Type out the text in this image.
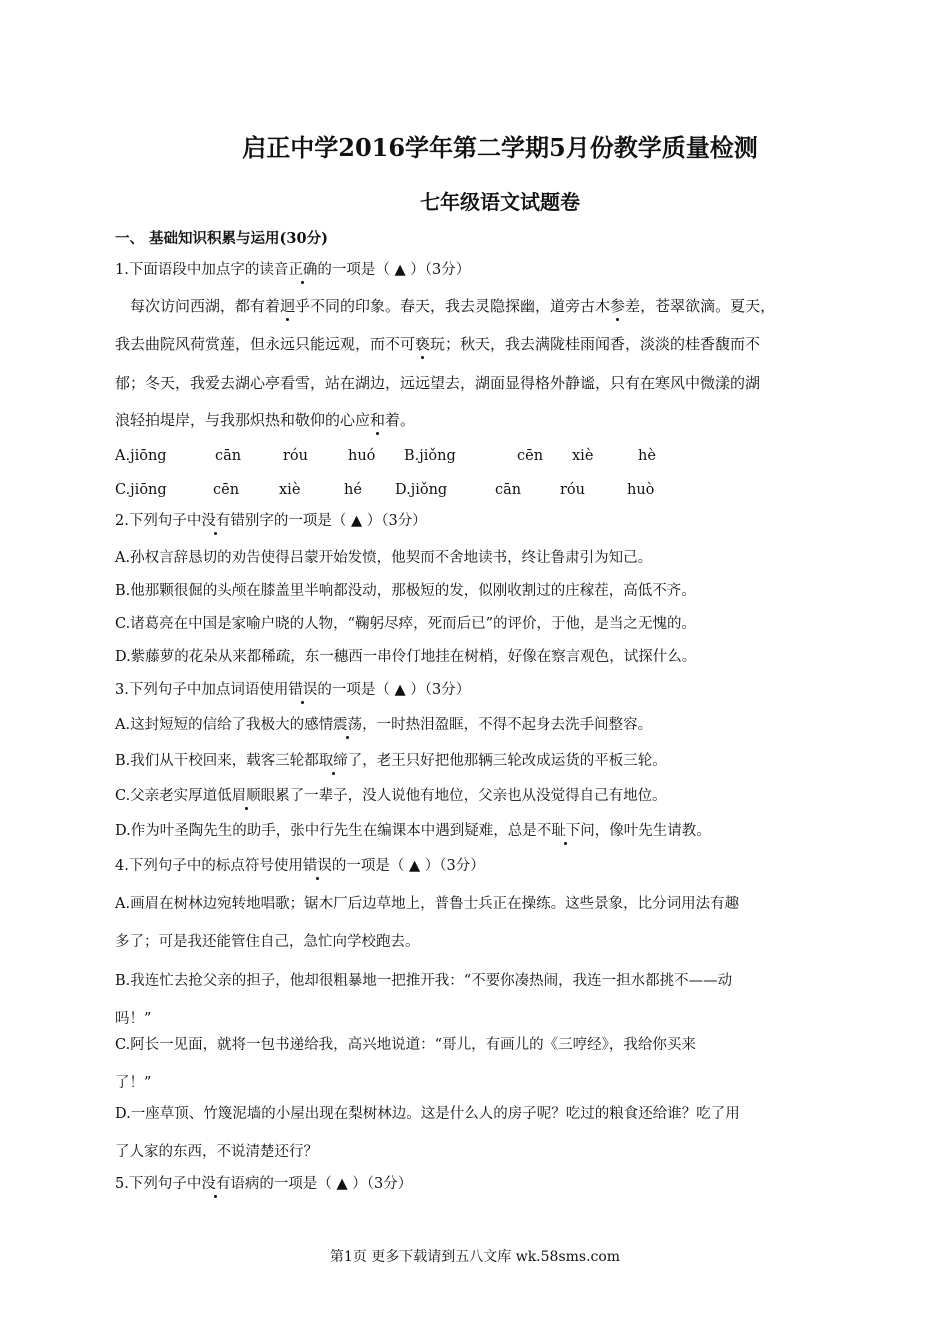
启正中学2016学年第二学期5月份教学质量检测
七年级语文试题卷
一、 基础知识积累与运用(30分)
1.下面语段中加点字的读音正确的一项是（ ▲ ）（3分）
每次访问西湖，都有着迥乎不同的印象。春天，我去灵隐探幽，道旁古木参差，苍翠欲滴。夏天，
我去曲院风荷赏莲，但永远只能远观，而不可亵玩；秋天，我去满陇桂雨闻香，淡淡的桂香馥而不
郁；冬天，我爱去湖心亭看雪，站在湖边，远远望去，湖面显得格外静谧，只有在寒风中微漾的湖
浪轻拍堤岸，与我那炽热和敬仰的心应和着。
A.jiōng	cān	róu	huó B.jiǒng	cēn xiè	hè
C.jiōng	cēn	xiè	hé D.jiǒng	cān	róu	huò
2.下列句子中没有错别字的一项是（ ▲ ）（3分）
A.孙权言辞恳切的劝告使得吕蒙开始发愤，他契而不舍地读书，终让鲁肃引为知己。
B.他那颗很倔的头颅在膝盖里半响都没动，那极短的发，似刚收割过的庄稼茬，高低不齐。
C.诸葛亮在中国是家喻户晓的人物，“鞠躬尽瘁，死而后已”的评价，于他，是当之无愧的。
D.紫藤萝的花朵从来都稀疏，东一穗西一串伶仃地挂在树梢，好像在察言观色，试探什么。
3.下列句子中加点词语使用错误的一项是（ ▲ ）（3分）
A.这封短短的信给了我极大的感情震荡，一时热泪盈眶，不得不起身去洗手间整容。
B.我们从干校回来，载客三轮都取缔了，老王只好把他那辆三轮改成运货的平板三轮。
C.父亲老实厚道低眉顺眼累了一辈子，没人说他有地位，父亲也从没觉得自己有地位。
D.作为叶圣陶先生的助手，张中行先生在编课本中遇到疑难，总是不耻下问，像叶先生请教。
4.下列句子中的标点符号使用错误的一项是（ ▲ ）（3分）
A.画眉在树林边宛转地唱歌；锯木厂后边草地上，普鲁士兵正在操练。这些景象，比分词用法有趣
多了；可是我还能管住自己，急忙向学校跑去。
B.我连忙去抢父亲的担子，他却很粗暴地一把推开我：“不要你凑热闹，我连一担水都挑不——动
吗！”
C.阿长一见面，就将一包书递给我，高兴地说道：“哥儿，有画儿的《三哼经》，我给你买来
了！”
D.一座草顶、竹篾泥墙的小屋出现在梨树林边。这是什么人的房子呢？吃过的粮食还给谁？吃了用
了人家的东西，不说清楚还行？
5.下列句子中没有语病的一项是（ ▲ ）（3分）
第1页 更多下载请到五八文库 wk.58sms.com
